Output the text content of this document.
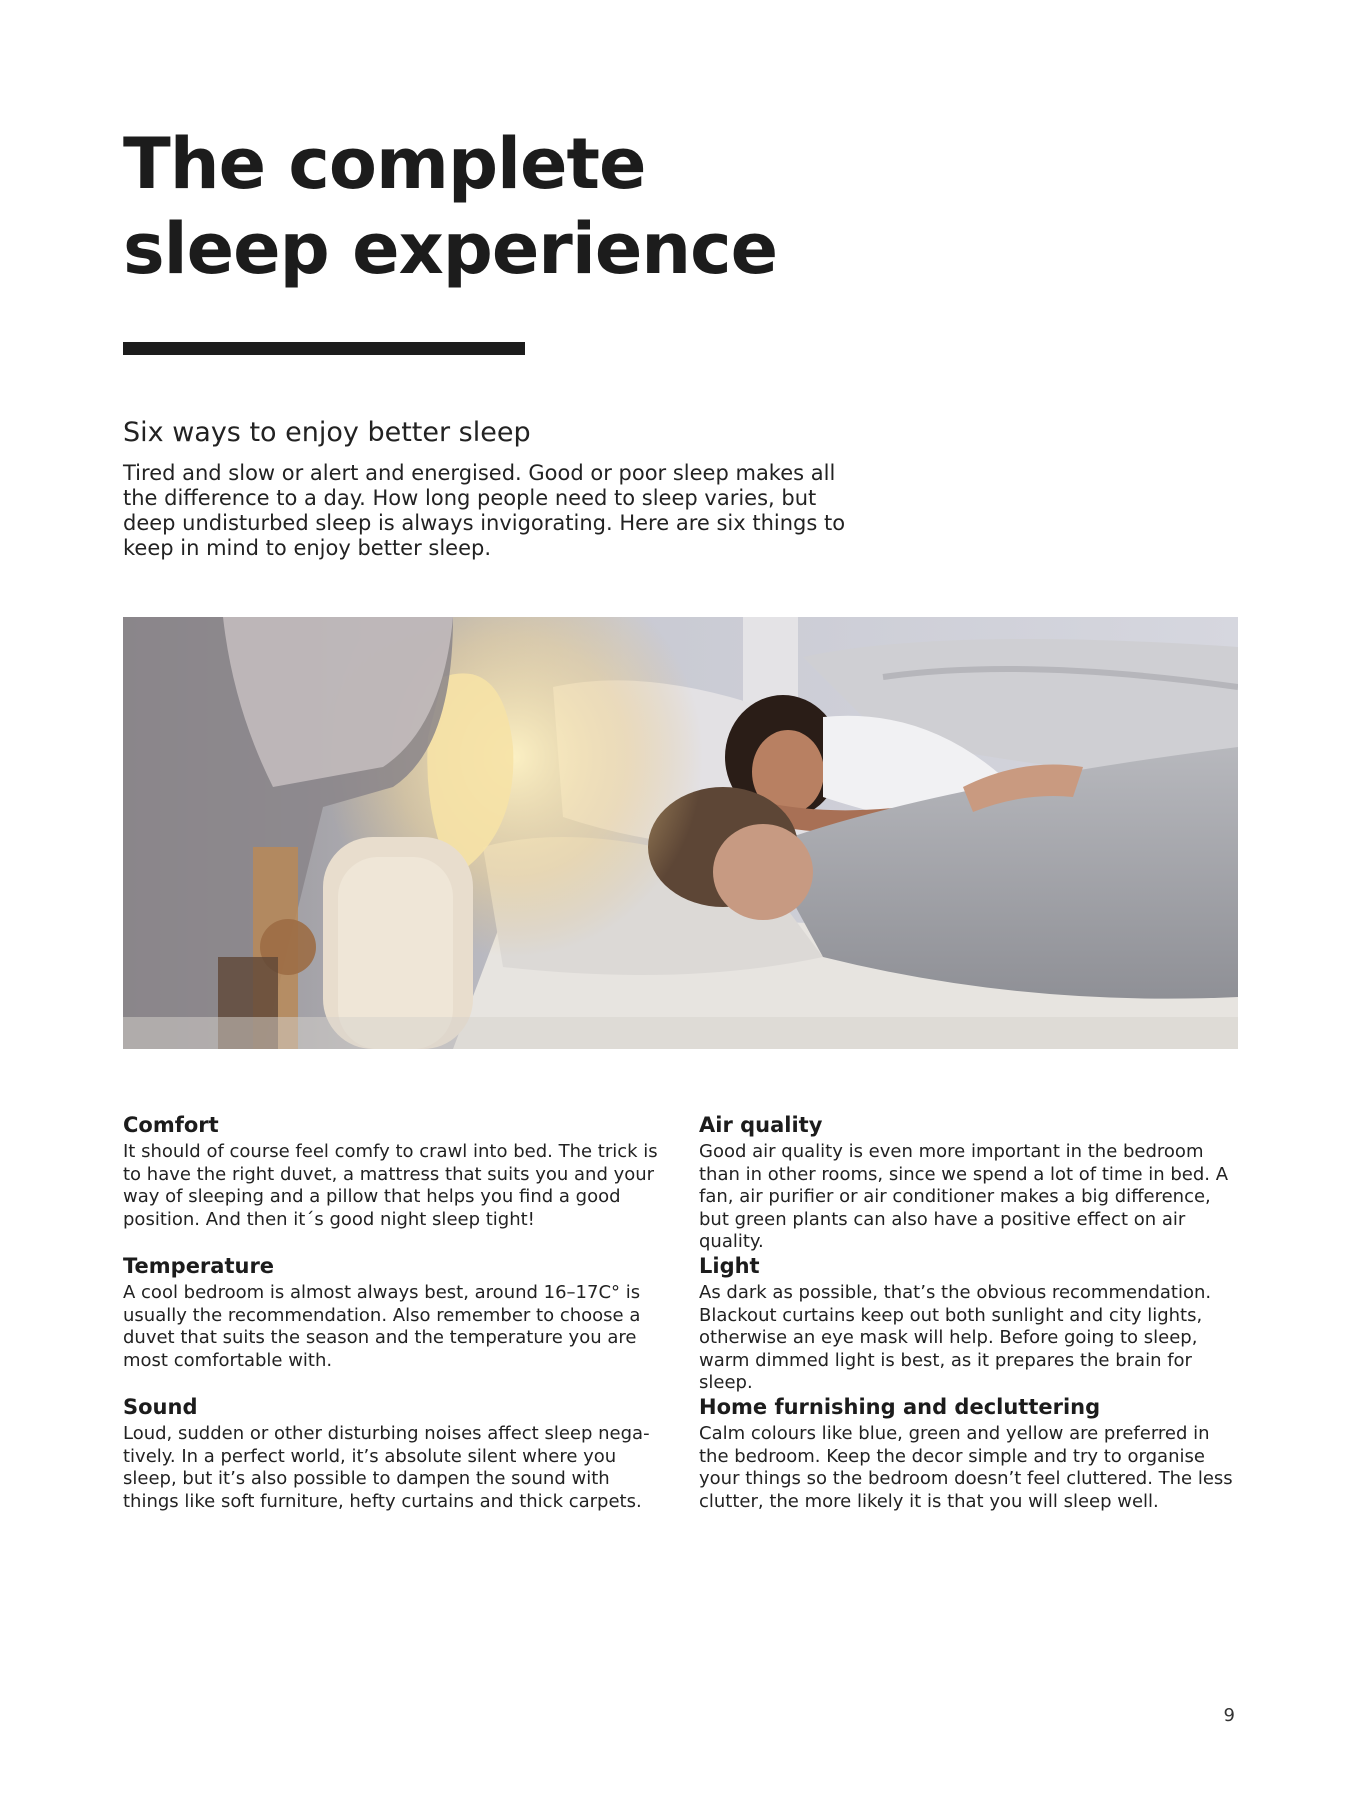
The complete
sleep experience
Six ways to enjoy better sleep
Tired and slow or alert and energised. Good or poor sleep makes all the difference to a day. How long people need to sleep varies, but deep undisturbed sleep is always invigorating. Here are six things to keep in mind to enjoy better sleep.
Comfort

It should of course feel comfy to crawl into bed. The trick is to have the right duvet, a mattress that suits you and your way of sleeping and a pillow that helps you find a good position. And then it´s good night sleep tight!

Temperature

A cool bedroom is almost always best, around 16–17C° is usually the recommendation. Also remember to choose a duvet that suits the season and the temperature you are most comfortable with.

Sound

Loud, sudden or other disturbing noises affect sleep negatively. In a perfect world, it’s absolute silent where you sleep, but it’s also possible to dampen the sound with things like soft furniture, hefty curtains and thick carpets.

Air quality

Good air quality is even more important in the bedroom than in other rooms, since we spend a lot of time in bed. A fan, air purifier or air conditioner makes a big difference, but green plants can also have a positive effect on air quality.

Light

As dark as possible, that’s the obvious recommendation. Blackout curtains keep out both sunlight and city lights, otherwise an eye mask will help. Before going to sleep, warm dimmed light is best, as it prepares the brain for sleep.

Home furnishing and decluttering

Calm colours like blue, green and yellow are preferred in the bedroom. Keep the decor simple and try to organise your things so the bedroom doesn’t feel cluttered. The less clutter, the more likely it is that you will sleep well.

9
